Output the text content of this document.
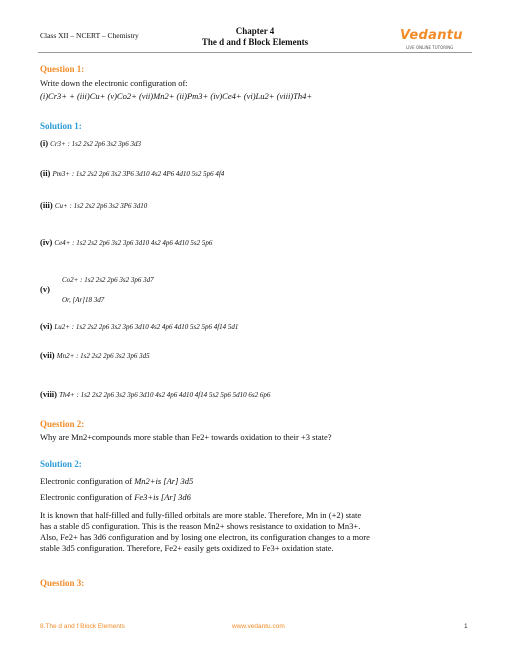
Class XII – NCERT – Chemistry	Chapter 4
The d and f Block Elements	Vedantu
LIVE ONLINE TUTORING
Question 1:
Write down the electronic configuration of:
(i)Cr3+ + (iii)Cu+ (v)Co2+ (vii)Mn2+ (ii)Pm3+ (iv)Ce4+ (vi)Lu2+ (viii)Th4+
Solution 1:
(i) Cr3+ : 1s2 2s2 2p6 3s2 3p6 3d3
(ii) Pm3+ : 1s2 2s2 2p6 3s2 3P6 3d10 4s2 4P6 4d10 5s2 5p6 4f4
(iii) Cu+ : 1s2 2s2 2p6 3s2 3P6 3d10
(iv) Ce4+ : 1s2 2s2 2p6 3s2 3p6 3d10 4s2 4p6 4d10 5s2 5p6
Co2+ : 1s2 2s2 2p6 3s2 3p6 3d7
(v)
Or, [Ar]18 3d7
(vi) Lu2+ : 1s2 2s2 2p6 3s2 3p6 3d10 4s2 4p6 4d10 5s2 5p6 4f14 5d1
(vii) Mn2+ : 1s2 2s2 2p6 3s2 3p6 3d5
(viii) Th4+ : 1s2 2s2 2p6 3s2 3p6 3d10 4s2 4p6 4d10 4f14 5s2 5p6 5d10 6s2 6p6
Question 2:
Why are Mn2+compounds more stable than Fe2+ towards oxidation to their +3 state?
Solution 2:
Electronic configuration of Mn2+is [Ar] 3d5
Electronic configuration of Fe3+is [Ar] 3d6
It is known that half-filled and fully-filled orbitals are more stable. Therefore, Mn in (+2) state
has a stable d5 configuration. This is the reason Mn2+ shows resistance to oxidation to Mn3+.
Also, Fe2+ has 3d6 configuration and by losing one electron, its configuration changes to a more
stable 3d5 configuration. Therefore, Fe2+ easily gets oxidized to Fe3+ oxidation state.
Question 3:
8.The d and f Block Elements	www.vedantu.com	1
